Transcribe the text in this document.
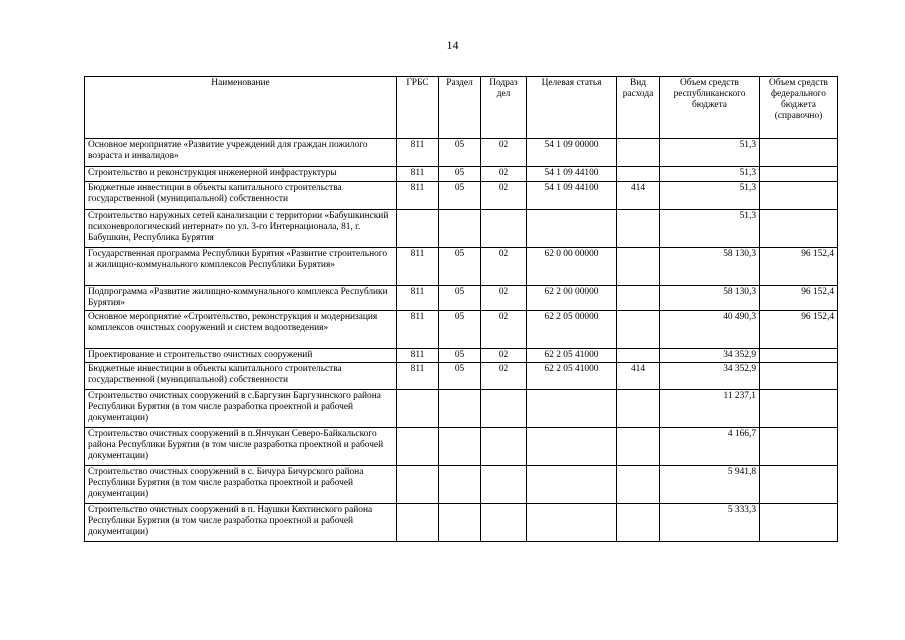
14
Наименование	ГРБС	Раздел	Подраз дел	Целевая статья	Вид расхода	Объем средств республиканского бюджета	Объем средств федерального бюджета (справочно)
Основное мероприятие «Развитие учреждений для граждан пожилого возраста и инвалидов»	811	05	02	54 1 09 00000		51,3	
Строительство и реконструкция инженерной инфраструктуры	811	05	02	54 1 09 44100		51,3	
Бюджетные инвестиции в объекты капитального строительства государственной (муниципальной) собственности	811	05	02	54 1 09 44100	414	51,3	
Строительство наружных сетей канализации с территории «Бабушкинский психоневрологический интернат» по ул. 3-го Интернационала, 81, г. Бабушкин, Республика Бурятия						51,3	
Государственная программа Республики Бурятия «Развитие строительного и жилищно-коммунального комплексов Республики Бурятия»	811	05	02	62 0 00 00000		58 130,3	96 152,4
Подпрограмма «Развитие жилищно-коммунального комплекса Республики Бурятия»	811	05	02	62 2 00 00000		58 130,3	96 152,4
Основное мероприятие «Строительство, реконструкция и модернизация комплексов очистных сооружений и систем водоотведения»	811	05	02	62 2 05 00000		40 490,3	96 152,4
Проектирование и строительство очистных сооружений	811	05	02	62 2 05 41000		34 352,9	
Бюджетные инвестиции в объекты капитального строительства государственной (муниципальной) собственности	811	05	02	62 2 05 41000	414	34 352,9	
Строительство очистных сооружений в с.Баргузин Баргузинского района Республики Бурятия (в том числе разработка проектной и рабочей документации)						11 237,1	
Строительство очистных сооружений в п.Янчукан Северо-Байкальского района Республики Бурятия (в том числе разработка проектной и рабочей документации)						4 166,7	
Строительство очистных сооружений в с. Бичура Бичурского района Республики Бурятия (в том числе разработка проектной и рабочей документации)						5 941,8	
Строительство очистных сооружений в п. Наушки Кяхтинского района Республики Бурятия (в том числе разработка проектной и рабочей документации)						5 333,3	
